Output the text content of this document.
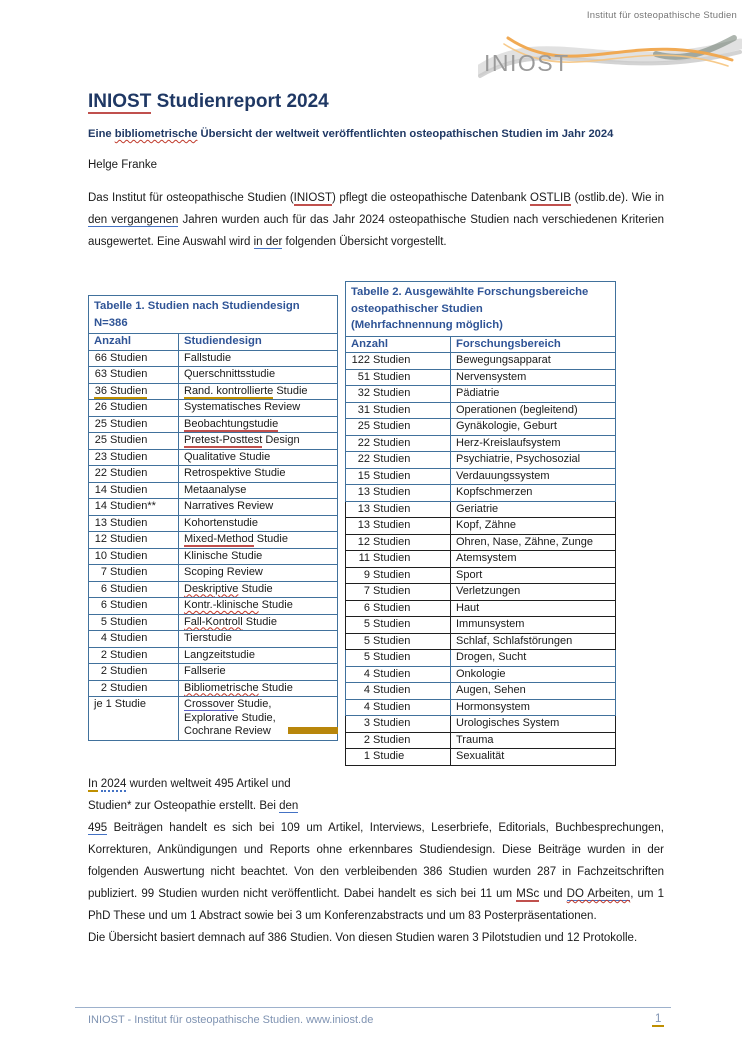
Institut für osteopathische Studien
INIOST
INIOST Studienreport 2024
Eine bibliometrische Übersicht der weltweit veröffentlichten osteopathischen Studien im Jahr 2024
Helge Franke

Das Institut für osteopathische Studien (INIOST) pflegt die osteopathische Datenbank OSTLIB (ostlib.de). Wie in den vergangenen Jahren wurden auch für das Jahr 2024 osteopathische Studien nach verschiedenen Kriterien ausgewertet. Eine Auswahl wird in der folgenden Übersicht vorgestellt.

Tabelle 1. Studien nach Studiendesign
N=386	

Anzahl	Studiendesign
66 Studien	Fallstudie
63 Studien	Querschnittsstudie
36 Studien	Rand. kontrollierte Studie
26 Studien	Systematisches Review
25 Studien	Beobachtungstudie
25 Studien	Pretest-Posttest Design
23 Studien	Qualitative Studie
22 Studien	Retrospektive Studie
14 Studien	Metaanalyse
14 Studien**	Narratives Review
13 Studien	Kohortenstudie
12 Studien	Mixed-Method Studie
10 Studien	Klinische Studie
7 Studien	Scoping Review
6 Studien	Deskriptive Studie
6 Studien	Kontr.-klinische Studie
5 Studien	Fall-Kontroll Studie
4 Studien	Tierstudie
2 Studien	Langzeitstudie
2 Studien	Fallserie
2 Studien	Bibliometrische Studie
je 1 Studie	Crossover Studie,
Explorative Studie,
Cochrane Review
Tabelle 2. Ausgewählte Forschungsbereiche
osteopathischer Studien
(Mehrfachnennung möglich)	

Anzahl	Forschungsbereich
122 Studien	Bewegungsapparat
51 Studien	Nervensystem
32 Studien	Pädiatrie
31 Studien	Operationen (begleitend)
25 Studien	Gynäkologie, Geburt
22 Studien	Herz-Kreislaufsystem
22 Studien	Psychiatrie, Psychosozial
15 Studien	Verdauungssystem
13 Studien	Kopfschmerzen
13 Studien	Geriatrie
13 Studien	Kopf, Zähne
12 Studien	Ohren, Nase, Zähne, Zunge
11 Studien	Atemsystem
9 Studien	Sport
7 Studien	Verletzungen
6 Studien	Haut
5 Studien	Immunsystem
5 Studien	Schlaf, Schlafstörungen
5 Studien	Drogen, Sucht
4 Studien	Onkologie
4 Studien	Augen, Sehen
4 Studien	Hormonsystem
3 Studien	Urologisches System
2 Studien	Trauma
1 Studie	Sexualität
In 2024 wurden weltweit 495 Artikel und
Studien* zur Osteopathie erstellt. Bei den
495 Beiträgen handelt es sich bei 109 um Artikel, Interviews, Leserbriefe, Editorials, Buchbesprechungen, Korrekturen, Ankündigungen und Reports ohne erkennbares Studiendesign. Diese Beiträge wurden in der folgenden Auswertung nicht beachtet. Von den verbleibenden 386 Studien wurden 287 in Fachzeitschriften publiziert. 99 Studien wurden nicht veröffentlicht. Dabei handelt es sich bei 11 um MSc und DO Arbeiten, um 1 PhD These und um 1 Abstract sowie bei 3 um Konferenzabstracts und um 83 Posterpräsentationen.
Die Übersicht basiert demnach auf 386 Studien. Von diesen Studien waren 3 Pilotstudien und 12 Protokolle.
INIOST - Institut für osteopathische Studien. www.iniost.de	1
